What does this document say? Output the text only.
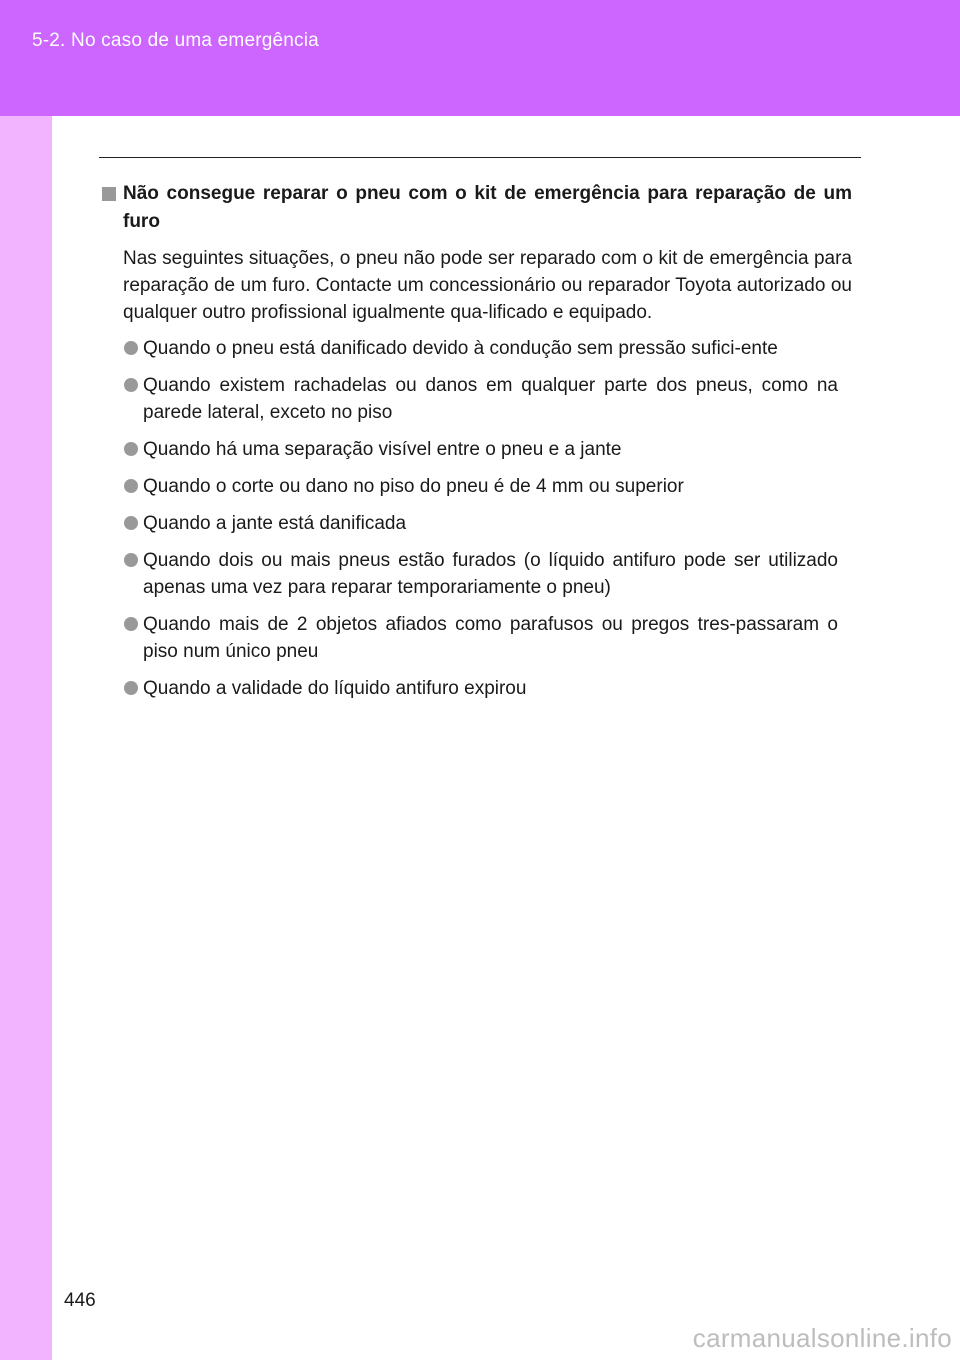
5-2. No caso de uma emergência

Não consegue reparar o pneu com o kit de emergência para reparação de um furo

Nas seguintes situações, o pneu não pode ser reparado com o kit de emergência para reparação de um furo. Contacte um concessionário ou reparador Toyota autorizado ou qualquer outro profissional igualmente qua-lificado e equipado.

Quando o pneu está danificado devido à condução sem pressão sufici-ente
Quando existem rachadelas ou danos em qualquer parte dos pneus, como na parede lateral, exceto no piso
Quando há uma separação visível entre o pneu e a jante
Quando o corte ou dano no piso do pneu é de 4 mm ou superior
Quando a jante está danificada
Quando dois ou mais pneus estão furados (o líquido antifuro pode ser utilizado apenas uma vez para reparar temporariamente o pneu)
Quando mais de 2 objetos afiados como parafusos ou pregos tres-passaram o piso num único pneu
Quando a validade do líquido antifuro expirou
446
carmanualsonline.info
